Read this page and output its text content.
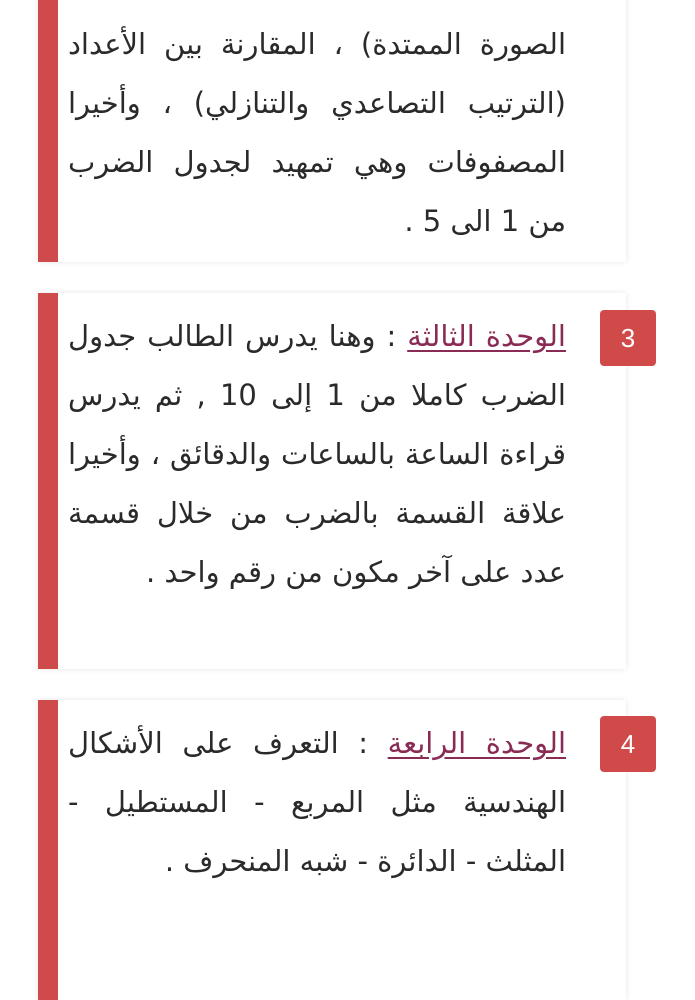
الصورة الممتدة) ، المقارنة بين الأعداد (الترتيب التصاعدي والتنازلي) ، وأخيرا المصفوفات وهي تمهيد لجدول الضرب من 1 الى 5 .
الوحدة الثالثة : وهنا يدرس الطالب جدول الضرب كاملا من 1 إلى 10 , ثم يدرس قراءة الساعة بالساعات والدقائق ، وأخيرا علاقة القسمة بالضرب من خلال قسمة عدد على آخر مكون من رقم واحد .
3
الوحدة الرابعة : التعرف على الأشكال الهندسية مثل المربع - المستطيل - المثلث - الدائرة - شبه المنحرف .
4
